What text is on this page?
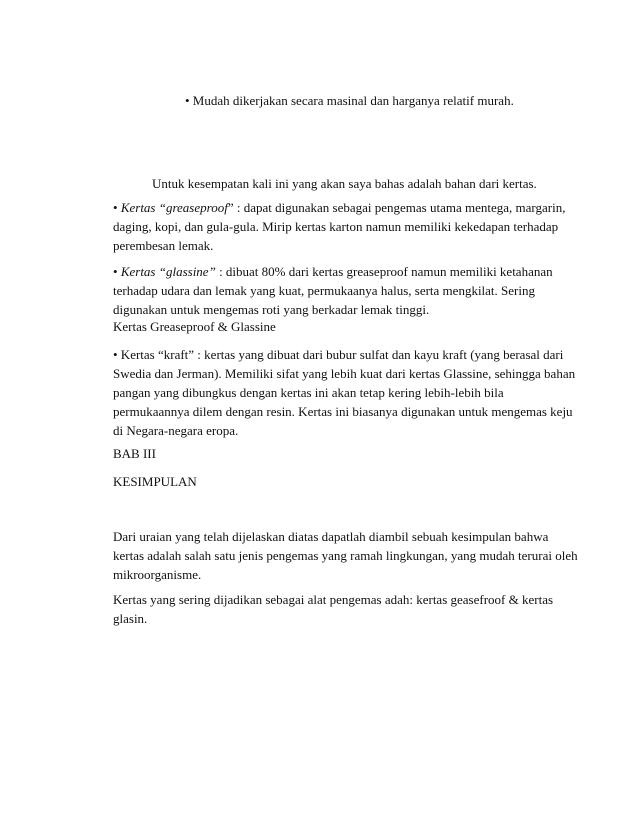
• Mudah dikerjakan secara masinal dan harganya relatif murah.
Untuk kesempatan kali ini yang akan saya bahas adalah bahan dari kertas.

• Kertas “greaseproof” : dapat digunakan sebagai pengemas utama mentega, margarin,
daging, kopi, dan gula-gula. Mirip kertas karton namun memiliki kekedapan terhadap
perembesan lemak.

• Kertas “glassine” : dibuat 80% dari kertas greaseproof namun memiliki ketahanan
terhadap udara dan lemak yang kuat, permukaanya halus, serta mengkilat. Sering
digunakan untuk mengemas roti yang berkadar lemak tinggi.

Kertas Greaseproof & Glassine

• Kertas “kraft” : kertas yang dibuat dari bubur sulfat dan kayu kraft (yang berasal dari
Swedia dan Jerman). Memiliki sifat yang lebih kuat dari kertas Glassine, sehingga bahan
pangan yang dibungkus dengan kertas ini akan tetap kering lebih-lebih bila
permukaannya dilem dengan resin. Kertas ini biasanya digunakan untuk mengemas keju
di Negara-negara eropa.

BAB III

KESIMPULAN

Dari uraian yang telah dijelaskan diatas dapatlah diambil sebuah kesimpulan bahwa
kertas adalah salah satu jenis pengemas yang ramah lingkungan, yang mudah terurai oleh
mikroorganisme.

Kertas yang sering dijadikan sebagai alat pengemas adah: kertas geasefroof & kertas
glasin.
